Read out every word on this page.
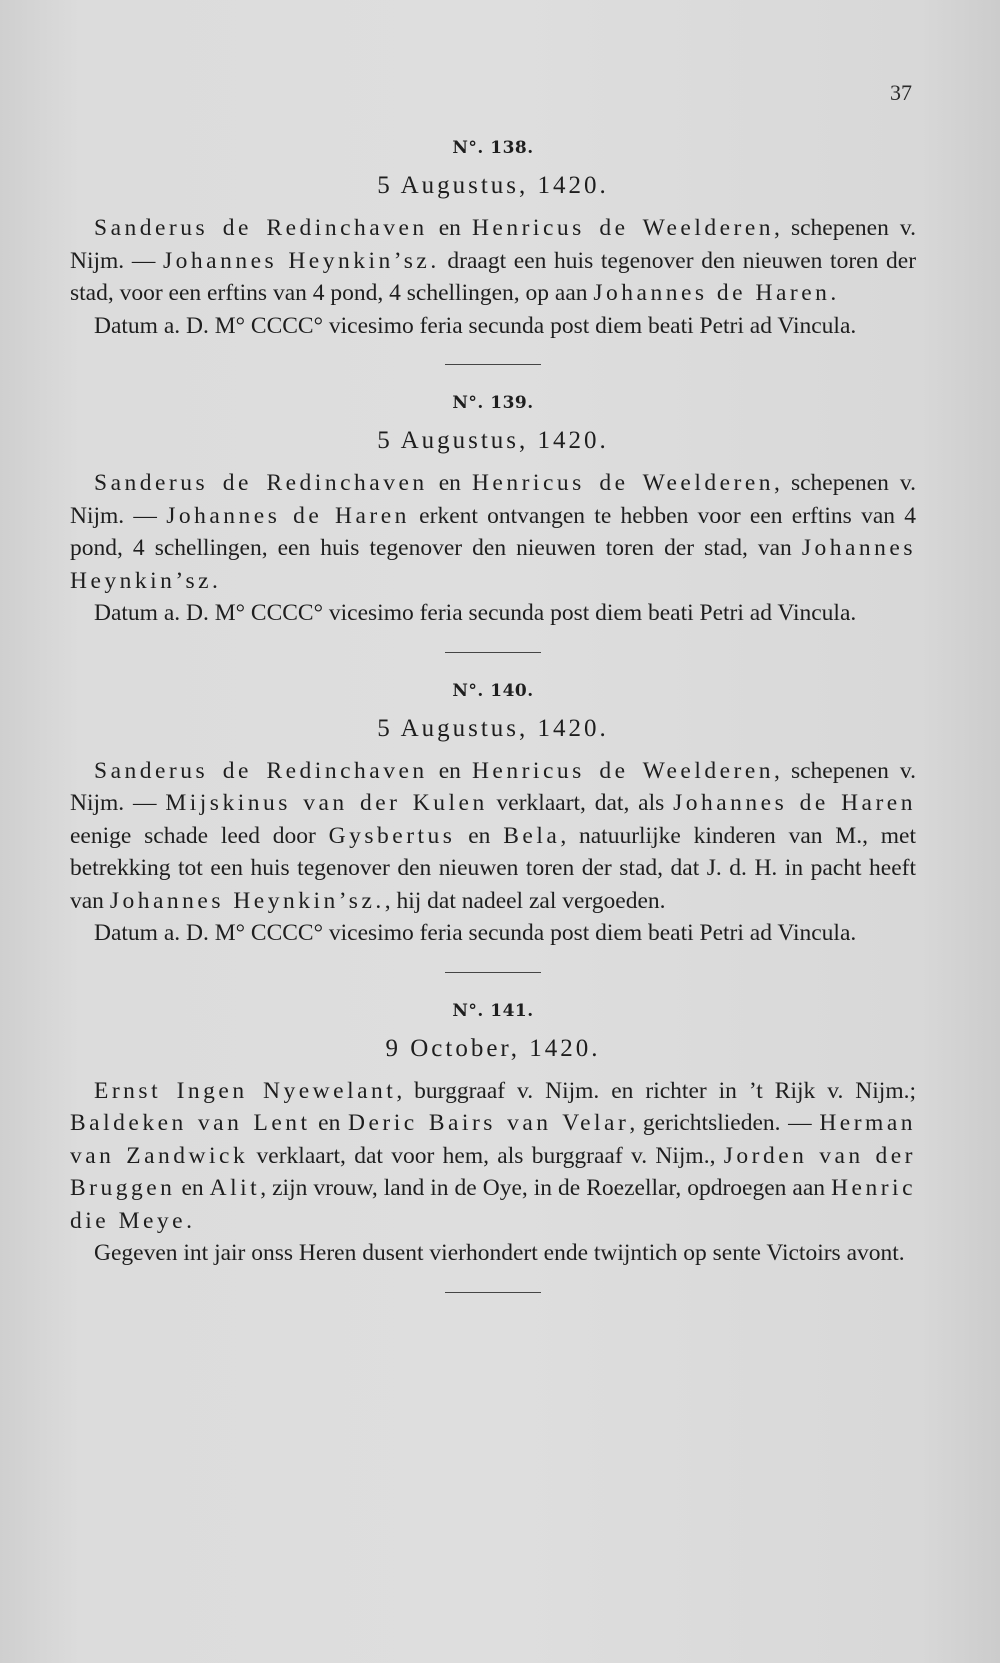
37
N°. 138.
5 Augustus, 1420.

Sanderus de Redinchaven en Henricus de Weelderen, schepenen v. Nijm. — Johannes Heynkin’sz. draagt een huis tegenover den nieuwen toren der stad, voor een erftins van 4 pond, 4 schellingen, op aan Johannes de Haren.

Datum a. D. M° CCCC° vicesimo feria secunda post diem beati Petri ad Vincula.

N°. 139.
5 Augustus, 1420.

Sanderus de Redinchaven en Henricus de Weelderen, schepenen v. Nijm. — Johannes de Haren erkent ontvangen te hebben voor een erftins van 4 pond, 4 schellingen, een huis tegenover den nieuwen toren der stad, van Johannes Heynkin’sz.

Datum a. D. M° CCCC° vicesimo feria secunda post diem beati Petri ad Vincula.

N°. 140.
5 Augustus, 1420.

Sanderus de Redinchaven en Henricus de Weelderen, schepenen v. Nijm. — Mijskinus van der Kulen verklaart, dat, als Johannes de Haren eenige schade leed door Gysbertus en Bela, natuurlijke kinderen van M., met betrekking tot een huis tegenover den nieuwen toren der stad, dat J. d. H. in pacht heeft van Johannes Heynkin’sz., hij dat nadeel zal vergoeden.

Datum a. D. M° CCCC° vicesimo feria secunda post diem beati Petri ad Vincula.

N°. 141.
9 October, 1420.

Ernst Ingen Nyewelant, burggraaf v. Nijm. en richter in ’t Rijk v. Nijm.; Baldeken van Lent en Deric Bairs van Velar, gerichtslieden. — Herman van Zandwick verklaart, dat voor hem, als burggraaf v. Nijm., Jorden van der Bruggen en Alit, zijn vrouw, land in de Oye, in de Roezellar, opdroegen aan Henric die Meye.

Gegeven int jair onss Heren dusent vierhondert ende twijntich op sente Victoirs avont.
